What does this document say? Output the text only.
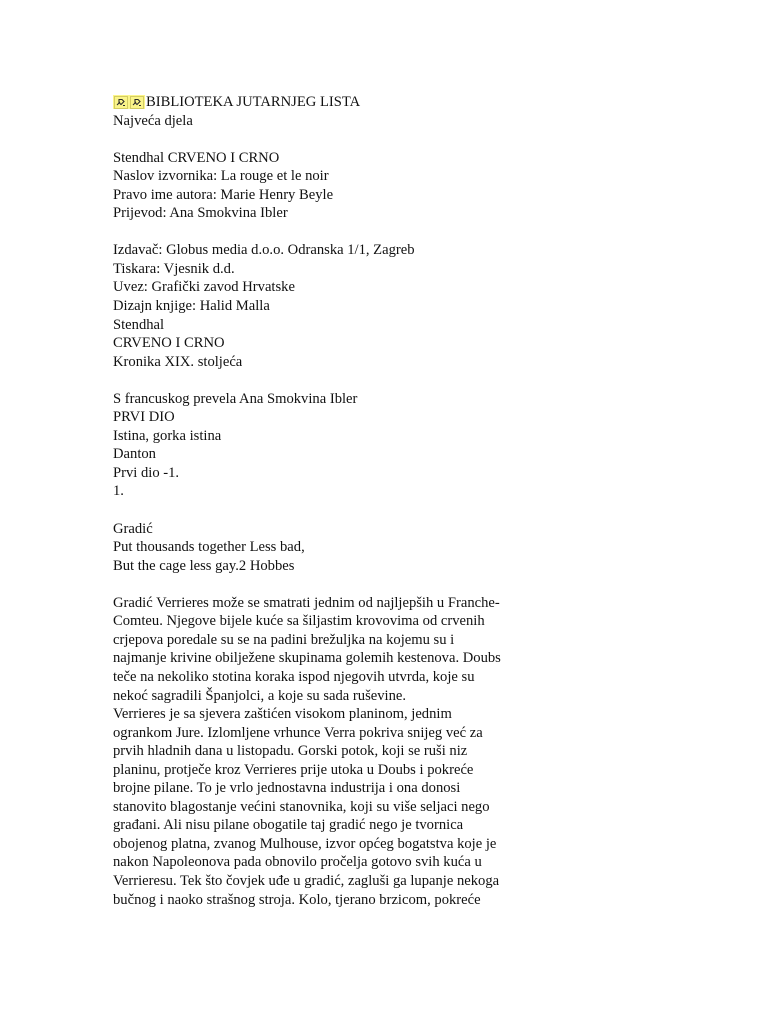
BIBLIOTEKA JUTARNJEG LISTA
Najveća djela
Stendhal CRVENO I CRNO
Naslov izvornika: La rouge et le noir
Pravo ime autora: Marie Henry Beyle
Prijevod: Ana Smokvina Ibler
Izdavač: Globus media d.o.o. Odranska 1/1, Zagreb
Tiskara: Vjesnik d.d.
Uvez: Grafički zavod Hrvatske
Dizajn knjige: Halid Malla
Stendhal
CRVENO I CRNO
Kronika XIX. stoljeća
S francuskog prevela Ana Smokvina Ibler
PRVI DIO
Istina, gorka istina
Danton
Prvi dio -1.
1.
Gradić
Put thousands together Less bad,
But the cage less gay.2 Hobbes
Gradić Verrieres može se smatrati jednim od najljepših u Franche-
Comteu. Njegove bijele kuće sa šiljastim krovovima od crvenih
crjepova poredale su se na padini brežuljka na kojemu su i
najmanje krivine obilježene skupinama golemih kestenova. Doubs
teče na nekoliko stotina koraka ispod njegovih utvrda, koje su
nekoć sagradili Španjolci, a koje su sada ruševine.
Verrieres je sa sjevera zaštićen visokom planinom, jednim
ogrankom Jure. Izlomljene vrhunce Verra pokriva snijeg već za
prvih hladnih dana u listopadu. Gorski potok, koji se ruši niz
planinu, protječe kroz Verrieres prije utoka u Doubs i pokreće
brojne pilane. To je vrlo jednostavna industrija i ona donosi
stanovito blagostanje većini stanovnika, koji su više seljaci nego
građani. Ali nisu pilane obogatile taj gradić nego je tvornica
obojenog platna, zvanog Mulhouse, izvor općeg bogatstva koje je
nakon Napoleonova pada obnovilo pročelja gotovo svih kuća u
Verrieresu. Tek što čovjek uđe u gradić, zagluši ga lupanje nekoga
bučnog i naoko strašnog stroja. Kolo, tjerano brzicom, pokreće
